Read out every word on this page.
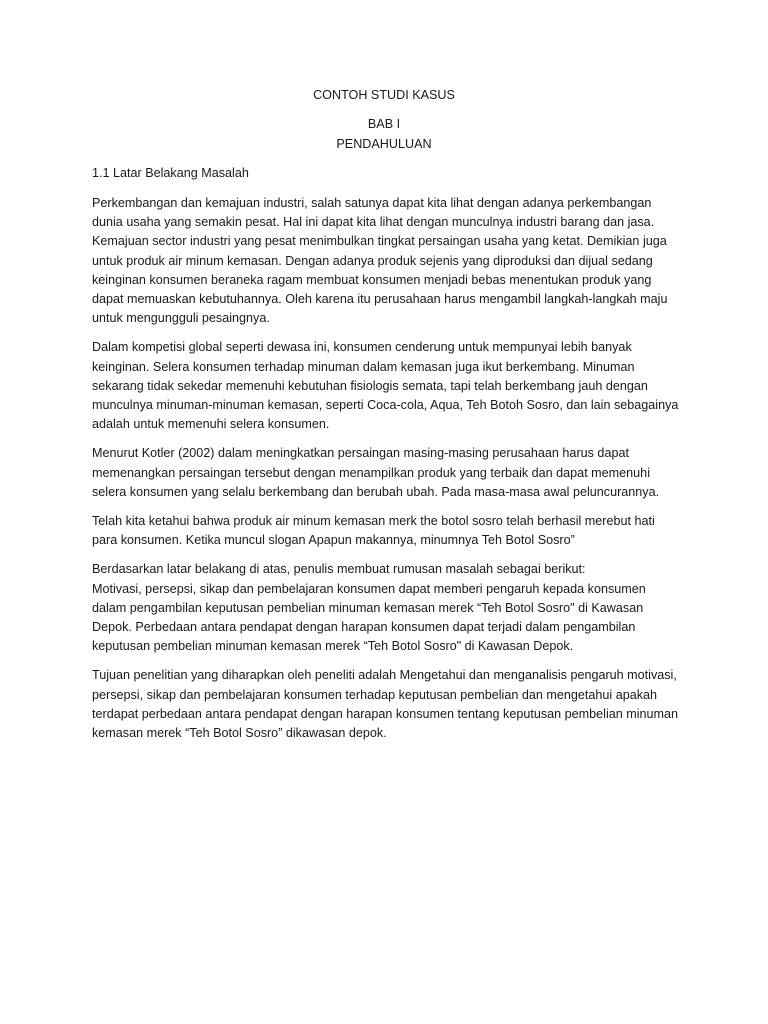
CONTOH STUDI KASUS
BAB I
PENDAHULUAN
1.1 Latar Belakang Masalah

Perkembangan dan kemajuan industri, salah satunya dapat kita lihat dengan adanya perkembangan dunia usaha yang semakin pesat. Hal ini dapat kita lihat dengan munculnya industri barang dan jasa. Kemajuan sector industri yang pesat menimbulkan tingkat persaingan usaha yang ketat. Demikian juga untuk produk air minum kemasan. Dengan adanya produk sejenis yang diproduksi dan dijual sedang keinginan konsumen beraneka ragam membuat konsumen menjadi bebas menentukan produk yang dapat memuaskan kebutuhannya. Oleh karena itu perusahaan harus mengambil langkah-langkah maju untuk mengungguli pesaingnya.

Dalam kompetisi global seperti dewasa ini, konsumen cenderung untuk mempunyai lebih banyak keinginan. Selera konsumen terhadap minuman dalam kemasan juga ikut berkembang. Minuman sekarang tidak sekedar memenuhi kebutuhan fisiologis semata, tapi telah berkembang jauh dengan munculnya minuman-minuman kemasan, seperti Coca-cola, Aqua, Teh Botoh Sosro, dan lain sebagainya adalah untuk memenuhi selera konsumen.

Menurut Kotler (2002) dalam meningkatkan persaingan masing-masing perusahaan harus dapat memenangkan persaingan tersebut dengan menampilkan produk yang terbaik dan dapat memenuhi selera konsumen yang selalu berkembang dan berubah ubah. Pada masa-masa awal peluncurannya.

Telah kita ketahui bahwa produk air minum kemasan merk the botol sosro telah berhasil merebut hati para konsumen. Ketika muncul slogan Apapun makannya, minumnya Teh Botol Sosro”

Berdasarkan latar belakang di atas, penulis membuat rumusan masalah sebagai berikut:

Motivasi, persepsi, sikap dan pembelajaran konsumen dapat memberi pengaruh kepada konsumen dalam pengambilan keputusan pembelian minuman kemasan merek “Teh Botol Sosro" di Kawasan Depok. Perbedaan antara pendapat dengan harapan konsumen dapat terjadi dalam pengambilan keputusan pembelian minuman kemasan merek “Teh Botol Sosro" di Kawasan Depok.

Tujuan penelitian yang diharapkan oleh peneliti adalah Mengetahui dan menganalisis pengaruh motivasi, persepsi, sikap dan pembelajaran konsumen terhadap keputusan pembelian dan mengetahui apakah terdapat perbedaan antara pendapat dengan harapan konsumen tentang keputusan pembelian minuman kemasan merek “Teh Botol Sosro” dikawasan depok.
